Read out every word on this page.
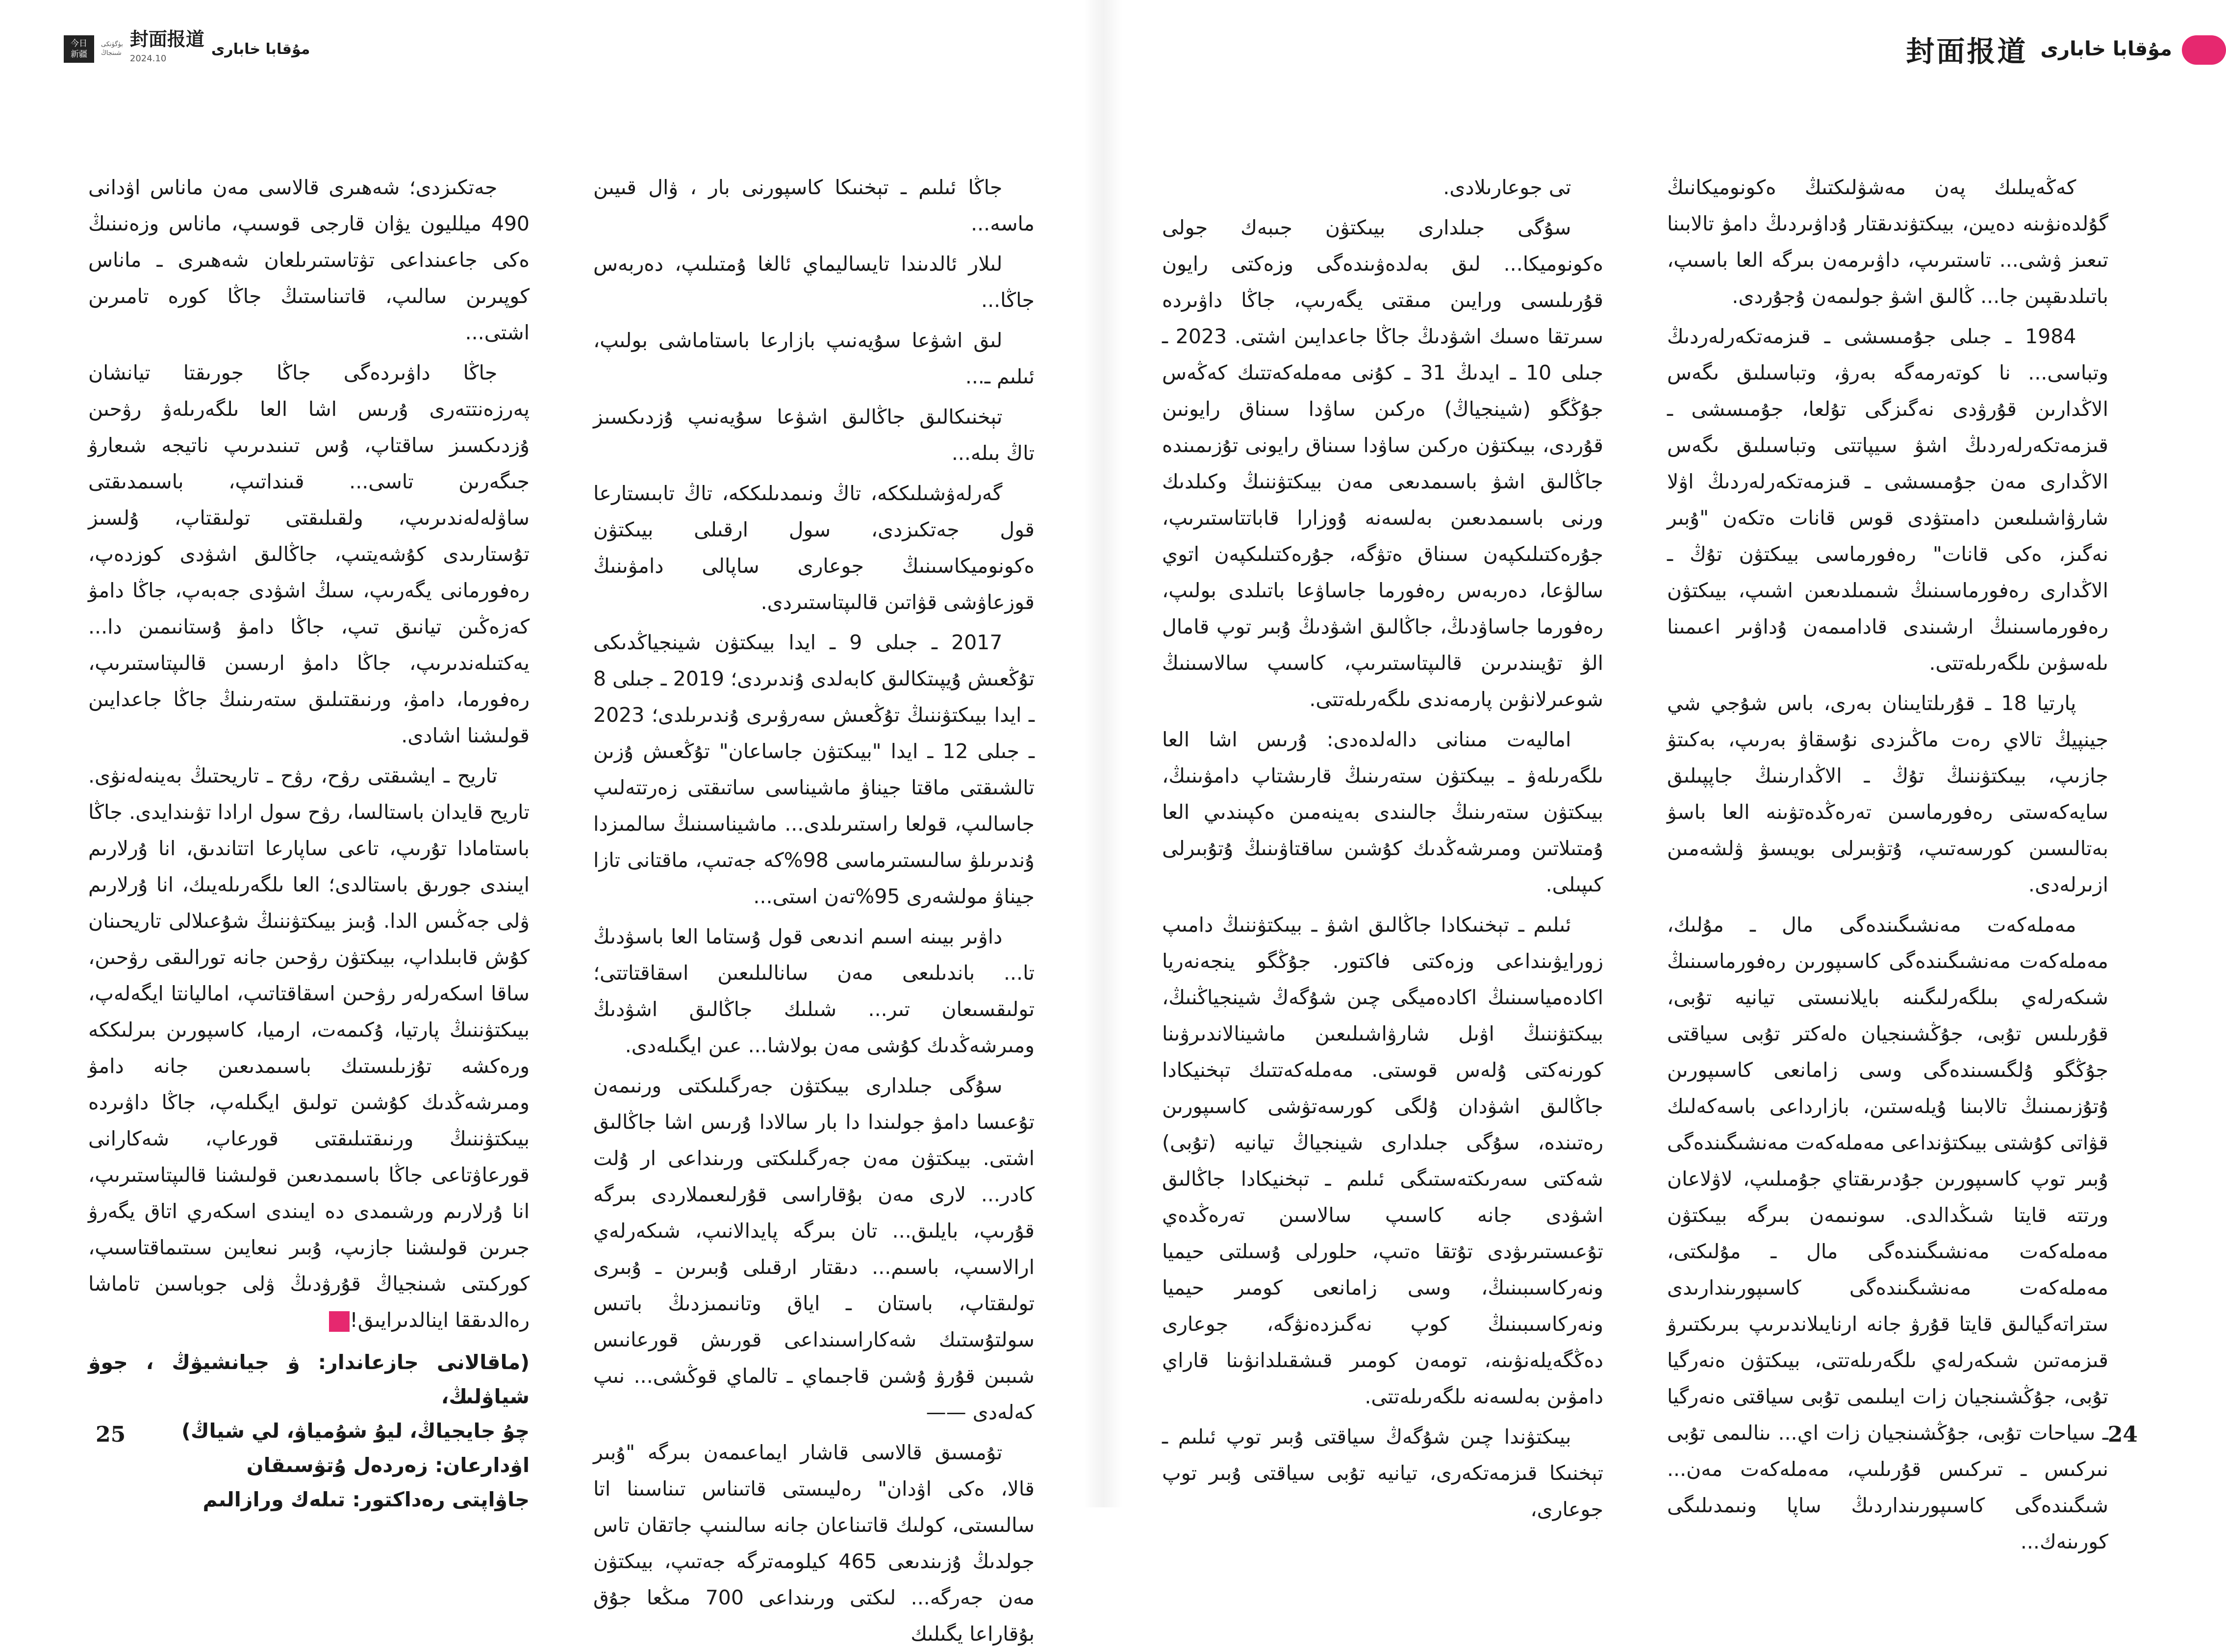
今日
新疆
بۈگۈنكى
شىنجاڭ
封面报道
2024.10
مۇقابا خابارى

جاڭا ئىلىم ـ تېخنىكا كاسپورنى بار ، ۋال قىيىن ماسە...

لىلار ئالدىندا تايساليماي ئالغا ۇمتىلىپ، دەربەس جاڭا...

لىق اشۋعا سۇيەنىپ بازارعا باستاماشى بولىپ، ئىلىم ـ...

تېخنىكالىق جاڭالىق اشۋعا سۇيەنىپ ۇزدىكسىز تاڭ بىلە...

گەرلەۋشىلىككە، تاڭ ونىمدىلىككە، تاڭ تابىستارعا قول جەتكىزدى، سول ارقىلى بيىكتۋن ەكونوميكاسىنىڭ جوعارى ساپالى دامۋىنىڭ قوزعاۋشى قۋاتىن قالىپتاستىردى.

2017 ـ جىلى 9 ـ ايدا بيىكتۋن شينجياڭدىكى تۇڭعىش ۇيپىتكالىق كابەلدى ۇندىردى؛ 2019 ـ جىلى 8 ـ ايدا بيىكتۋننىڭ تۇڭعىش سەرۋىرى ۇندىرىلدى؛ 2023 ـ جىلى 12 ـ ايدا "بيىكتۋن جاساعان" تۇڭعىش ۇزىن تالشىقتى ماقتا جيناۋ ماشيناسى ساتىقتى زەرتتەلىپ جاسالىپ، قولعا راستىرىلدى... ماشيناسىنىڭ سالمىزدا ۇندىرىلۋ سالىستىرماسى 98%كە جەتىپ، ماقتانى تازا جيناۋ مولشەرى 95%تەن استى...

داۋىر بيىنە اسىم اندىعى قول ۇستاما العا باسۋدىڭ تا... باندىلىعى مەن سانالىلىعىن اسقاقتاتتى؛ تولىقسىعان تىر... شىلىك جاڭالىق اشۋدىڭ ومىرشەڭدىك كۇشى مەن بولاشا... عىن ايگىلەدى.

سۇگى جىلدارى بيىكتۋن جەرگىلىكتى ورنىمەن تۇعىسا دامۋ جولىندا دا بار سالادا ۇرىس اشا جاڭالىق اشتى. بيىكتۋن مەن جەرگىلىكتى ورىنداعى ار ۇلت كادر... لارى مەن بۇقاراسى قۇرلىعىملاردى بىرگە قۇرىپ، بايلىق... تان بىرگە پايدالانىپ، شىكەرلەي ارالاسىپ، باسىم... دىقتار ارقىلى ۇبىرىن ـ ۇبىرى تولىقتاپ، باستان ـ اياق وتانىمىزدىڭ باتىس سولتۇستىك شەكاراسىنداعى قورىش قورعانىس شىبىن قۇرۋ ۇشىن قاجىماي ـ تالماي قوڭشى... نىپ كەلەدى ——

تۇمسىق قالاسى قاشار ايماعىمەن بىرگە "ۇبىر قالا، ەكى اۋدان" رەليىستى قاتىناس تىناسىنا اتا سالىستى، كولىك قاتىناعان جانە سالىنىپ جاتقان تاس جولدىڭ ۇزىندىعى 465 كيلومەترگە جەتىپ، بيىكتۋن مەن جەرگە... لىكتى ورىنداعى 700 مىڭعا جۇق بۇقاراعا يگىلىك

جەتكىزدى؛ شەھىرى قالاسى مەن ماناس اۋدانى 490 ميلليون يۋان قارجى قوسىپ، ماناس وزەنىنىڭ ەكى جاعىنداعى تۋتاستىرىلعان شەھىرى ـ ماناس كوپىرىن سالىپ، قاتىناستىڭ جاڭا كورە تامىرىن اشتى...

جاڭا داۋىردەگى جاڭا جورىقتا تيانشان پەرزەنتتەرى ۇرىس اشا العا ىلگەرىلەۋ رۋحىن ۇزدىكسىز ساقتاپ، ۇس تىنىدىرىپ ناتيجە شىعارۋ جىگەرىن تاسى... قىنداتىپ، باسىمدىقتى ساۋلەلەندىرىپ، ولقىلىقتى تولىقتاپ، ۇلسىز تۇستارىدى كۇشەيتىپ، جاڭالىق اشۋدى كوزدەپ، رەفورمانى يگەرىپ، سىڭ اشۋدى جەبەپ، جاڭا دامۋ كەزەڭىن تيانىق تىپ، جاڭا دامۋ ۇستانىمىن دا... يەكتىلەندىرىپ، جاڭا دامۋ ارىسىن قالىپتاستىرىپ، رەفورما، دامۋ، ورنىقتىلىق ستەرىنىڭ جاڭا جاعدايىن قولىشنا اشادى.

تاريح ـ ايشىقتى رۋح، رۋح ـ تاريحتىڭ بەينەلەنۋى. تاريح قايدان باستالسا، رۋح سول ارادا تۋىندايدى. جاڭا باستامادا تۇرىپ، تاعى ساپارعا اتتاندىق، انا ۇرلارىم ايىندى جورىق باستالدى؛ العا ىلگەرىلەيىك، انا ۇرلارىم ۋلى جەڭىس الدا. ۇبىز بيىكتۋننىڭ شۇعىلالى تاريحىنان كۇش قابىلداپ، بيىكتۋن رۋحىن جانە تورالىقى رۋحىن، ساقا اسكەرلەر رۋحىن اسقاقتاتىپ، اماليانتا ايگەلەپ، بيىكتۋننىڭ پارتيا، ۇكىمەت، ارميا، كاسپورىن بىرلىككە ورەكشە تۇزىلىستىك باسىمدىعىن جانە دامۋ ومىرشەڭدىك كۇشىن تولىق ايگىلەپ، جاڭا داۋىردە بيىكتۋننىڭ ورنىقتىلىقتى قورعاپ، شەكارانى قورعاۋتاعى جاڭا باسىمدىعىن قولىشنا قالىپتاستىرىپ، انا ۇرلارىم ورشىمدى ده ايىندى اسكەري اتاق يگەرۋ جىرىن قولىشنا جازىپ، ۇبىر نىعايىن سىتىماقتاسىپ، كوركىتى شىنجياڭ قۇرۋدىڭ ۋلى جوباسىن تاماشا رەالدىققا اينالدىرايىق!ل

(ماقالانى جازعاندار: ۋ جيانشيۋڭ ، جوۋ شياۋلىڭ،
چۇ جايجياڭ، ليۇ شۇمياۋ، لي شياڭ)
اۋدارعان: زەردەل ۇتۋسىقان
جاۋاپتى رەداكتور: تىلەك ورازالىم
25
封面报道 مۇقابا خابارى

كەڭەيىلىك پەن مەشۋلىكتىڭ ەكونوميكانىڭ گۇلدەنۋىنە دەيىن، بيىكتۋندىقتار ۇداۋىردىڭ دامۋ تالابىنا تىعىز ۋشى... تاستىرىپ، داۋىرمەن بىرگە العا باسىپ، باتىلدىقپىن جا... ڭالىق اشۋ جولىمەن ۇجۇردى.

1984 ـ جىلى جۇمىسشى ـ قىزمەتكەرلەردىڭ وتباسى... نا كوتەرمەگە بەرۋ، وتباسىلىق ىگەس الاڭدارىن قۇرۋدى نەگىزگى تۇلعا، جۇمىسشى ـ قىزمەتكەرلەردىڭ اشۋ سيپاتتى وتباسىلىق ىگەس الاڭدارى مەن جۇمىسشى ـ قىزمەتكەرلەردىڭ اۋلا شارۋاشىلىعىن دامىتۋدى قوس قانات ەتكەن "ۇبىر نەگىز، ەكى قانات" رەفورماسى بيىكتۋن تۇڭ ـ الاڭدارى رەفورماسىنىڭ شىمىلدىعىن اشىپ، بيىكتۋن رەفورماسىنىڭ ارشىندى قادامىمەن ۇداۋىر اعىمىنا ىلەسۋىن ىلگەرىلەتتى.

پارتيا 18 ـ قۇرىلتايىنان بەرى، باس شۇجي شي جينپيڭ تالاي رەت ماڭىزدى نۇسقاۋ بەرىپ، بەكىتۋ جازىپ، بيىكتۋننىڭ تۇڭ ـ الاڭدارىنىڭ جاپپىلىق سايەكەستى رەفورماسىن تەرەڭدەتۋىنە العا باسۋ بەتالىسىن كورسەتىپ، ۇتۋبىرلى بويىسۋ ۋلشەمىن ازىرلەدى.

مەملەكەت مەنشىگىندەگى مال ـ مۇلىك، مەملەكەت مەنشىگىندەگى كاسىپورىن رەفورماسىنىڭ شىكەرلەي بىلگەرلىگىنە بايلانىستى تيانيە تۇبى، قۇرىلىس تۇبى، جۇڭشىنجيان ەلەكتر تۇبى سياقتى جۇڭگو ۇلگىسىندەگى وسى زامانعى كاسىپورىن ۇتۇزىمىنىڭ تالابىنا ۇيلەستىن، بازارداعى باسەكەلىك قۋاتى كۇشتى بيىكتۋنداعى مەملەكەت مەنشىگىندەگى ۇبىر توپ كاسىپورىن جۇدىرىقتاي جۇمىلىپ، لاۋلاعان ورتتە قايتا شىڭدالدى. سونىمەن بىرگە بيىكتۋن مەملەكەت مەنشىگىندەگى مال ـ مۇلىكتى، مەملەكەت مەنشىگىندەگى كاسىپورىندارىدى ستراتەگيالىق قايتا قۇرۋ جانە ارنايىلاندىرىپ بىرىكتىرۋ قىزمەتىن شىكەرلەي ىلگەرىلەتتى، بيىكتۋن ەنەرگيا تۇبى، جۇڭشىنجيان زات ايىلىمى تۇبى سياقتى ەنەرگيا ـ سياحات تۇبى، جۇڭشىنجيان زات اي... ىنالىمى تۇبى نىركىس ـ تىركىس قۇرىلىپ، مەملەكەت مەن... شىگىندەگى كاسىپورىنداردىڭ ساپا ونىمدىلىگى كورىنەك...

تى جوعارىلادى.

سۇگى جىلدارى بيىكتۋن جىبەك جولى ەكونوميكا... لىق بەلدەۋىندەگى وزەكتى رايون قۇرىلىسى ورايىن مىقتى يگەرىپ، جاڭا داۋىردە سىرتقا ەسىك اشۋدىڭ جاڭا جاعدايىن اشتى. 2023 ـ جىلى 10 ـ ايدىڭ 31 ـ كۇنى مەملەكەتتىك كەڭەس جۇڭگو (شينجياڭ) ەركىن ساۋدا سىناق رايونىن قۇردى، بيىكتۋن ەركىن ساۋدا سىناق رايونى تۇزىمىندە جاڭالىق اشۋ باسىمدىعى مەن بيىكتۋننىڭ وكىلدىك ورنى باسىمدىعىن بەلسەنە ۇوزارا قاباتتاستىرىپ، جۇرەكتىلىكپەن سىناق ەتۋگە، جۇرەكتىلىكپەن اتوي سالۋعا، دەربەس رەفورما جاساۋعا باتىلدى بولىپ، رەفورما جاساۋدىڭ، جاڭالىق اشۋدىڭ ۇبىر توپ قامال الۋ تۇيىندىرىن قالىپتاستىرىپ، كاسىپ سالاسىنىڭ شوعىرلانۋىن پارمەندى ىلگەرىلەتتى.

اماليەت مىنانى دالەلدەدى: ۇرىس اشا العا ىلگەرىلەۋ ـ بيىكتۋن ستەرىنىڭ قارىشتاپ دامۋىنىڭ، بيىكتۋن ستەرىنىڭ جالىندى بەينەمىن ەكپىندىي العا ۇمتىلاتىن ومىرشەڭدىك كۇشىن ساقتاۋىنىڭ ۇتۇبىرلى كىپىلى.

ئىلىم ـ تېخنىكادا جاڭالىق اشۋ ـ بيىكتۋننىڭ دامىپ زورايۋىنداعى وزەكتى فاكتور. جۇڭگو ينجەنەريا اكادەمياسىنىڭ اكادەميگى چىن شۇگەڭ شينجياڭنىڭ، بيىكتۋننىڭ اۋىل شارۋاشىلىعىن ماشينالاندىرۋىنا كورنەكتى ۇلەس قوستى. مەملەكەتتىك تېخنيكادا جاڭالىق اشۋدان ۇلگى كورسەتۋشى كاسىپورىن رەتىندە، سۇگى جىلدارى شينجياڭ تيانيە (تۇبى) شەكتى سەرىكتەستىگى ئىلىم ـ تېخنيكادا جاڭالىق اشۋدى جانە كاسىپ سالاسىن تەرەڭدەي تۇعىستىرىۋدى تۇتقا ەتىپ، حلورلى ۇسىلتى حيميا ونەركاسىبىنىڭ، وسى زامانعى كومىر حيميا ونەركاسىبىنىڭ كوپ نەگىزدەنۋگە، جوعارى دەڭگەيلەنۋىنە، تومەن كومىر قىشقىلدانۋىنا قاراي دامۋىن بەلسەنە ىلگەرىلەتتى.

بيىكتۋندا چىن شۇگەڭ سياقتى ۇبىر توپ ئىلىم ـ تېخنىكا قىزمەتكەرى، تيانيە تۇبى سياقتى ۇبىر توپ جوعارى،

24
